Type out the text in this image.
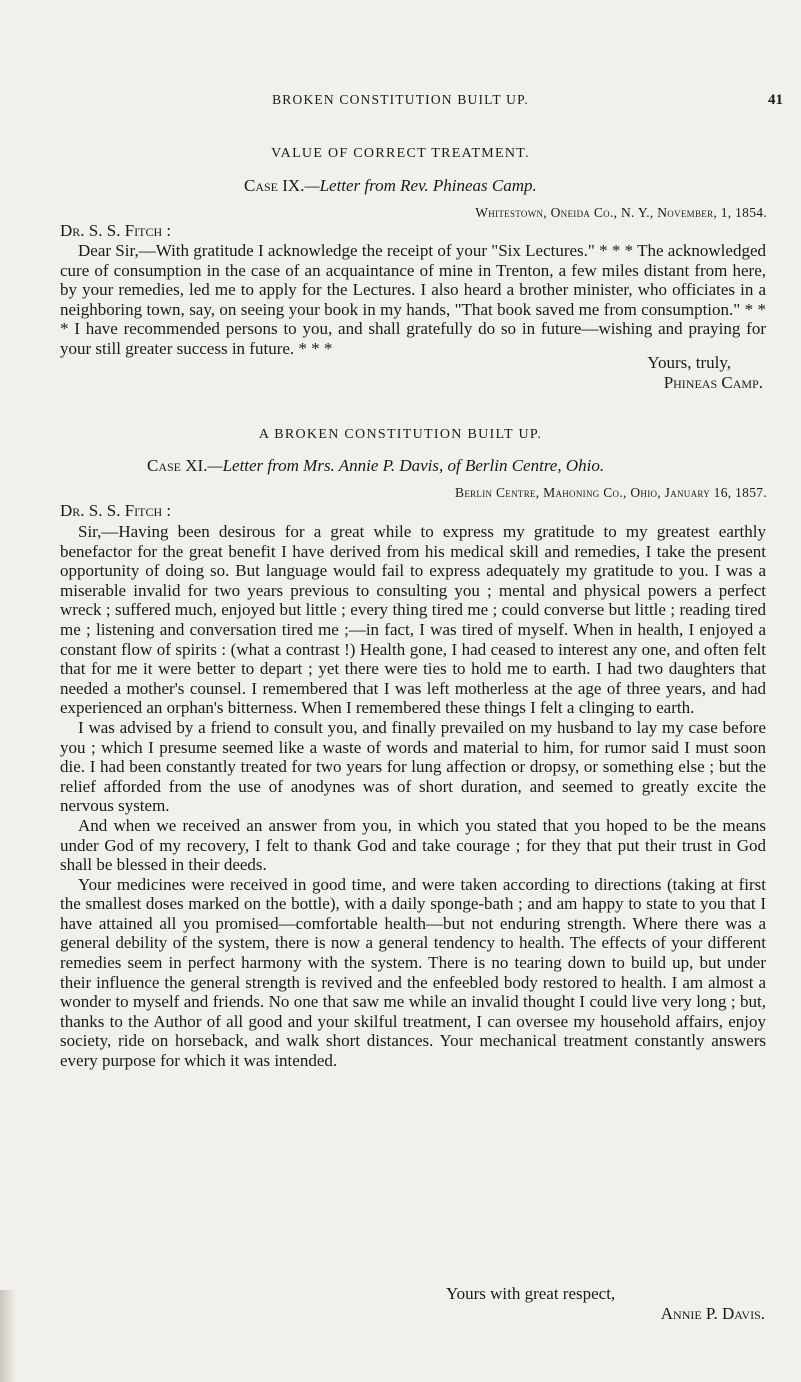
BROKEN CONSTITUTION BUILT UP.	41
VALUE OF CORRECT TREATMENT.
Case IX.—Letter from Rev. Phineas Camp.
Whitestown, Oneida Co., N. Y., November, 1, 1854.
Dr. S. S. Fitch :

Dear Sir,—With gratitude I acknowledge the receipt of your "Six Lectures." * * * The acknowledged cure of consumption in the case of an acquaintance of mine in Trenton, a few miles distant from here, by your remedies, led me to apply for the Lectures. I also heard a brother minister, who officiates in a neighboring town, say, on seeing your book in my hands, "That book saved me from consumption." * * * I have recommended persons to you, and shall gratefully do so in future—wishing and praying for your still greater success in future. * * *

Yours, truly,
Phineas Camp.
A BROKEN CONSTITUTION BUILT UP.
Case XI.—Letter from Mrs. Annie P. Davis, of Berlin Centre, Ohio.
Berlin Centre, Mahoning Co., Ohio, January 16, 1857.
Dr. S. S. Fitch :

Sir,—Having been desirous for a great while to express my gratitude to my greatest earthly benefactor for the great benefit I have derived from his medical skill and remedies, I take the present opportunity of doing so. But language would fail to express adequately my gratitude to you. I was a miserable invalid for two years previous to consulting you ; mental and physical powers a perfect wreck ; suffered much, enjoyed but little ; every thing tired me ; could converse but little ; reading tired me ; listening and conversation tired me ;—in fact, I was tired of myself. When in health, I enjoyed a constant flow of spirits : (what a contrast !) Health gone, I had ceased to interest any one, and often felt that for me it were better to depart ; yet there were ties to hold me to earth. I had two daughters that needed a mother's counsel. I remembered that I was left motherless at the age of three years, and had experienced an orphan's bitterness. When I remembered these things I felt a clinging to earth.

I was advised by a friend to consult you, and finally prevailed on my husband to lay my case before you ; which I presume seemed like a waste of words and material to him, for rumor said I must soon die. I had been constantly treated for two years for lung affection or dropsy, or something else ; but the relief afforded from the use of anodynes was of short duration, and seemed to greatly excite the nervous system.

And when we received an answer from you, in which you stated that you hoped to be the means under God of my recovery, I felt to thank God and take courage ; for they that put their trust in God shall be blessed in their deeds.

Your medicines were received in good time, and were taken according to directions (taking at first the smallest doses marked on the bottle), with a daily sponge-bath ; and am happy to state to you that I have attained all you promised—comfortable health—but not enduring strength. Where there was a general debility of the system, there is now a general tendency to health. The effects of your different remedies seem in perfect harmony with the system. There is no tearing down to build up, but under their influence the general strength is revived and the enfeebled body restored to health. I am almost a wonder to myself and friends. No one that saw me while an invalid thought I could live very long ; but, thanks to the Author of all good and your skilful treatment, I can oversee my household affairs, enjoy society, ride on horseback, and walk short distances. Your mechanical treatment constantly answers every purpose for which it was intended.

Yours with great respect,
Annie P. Davis.
